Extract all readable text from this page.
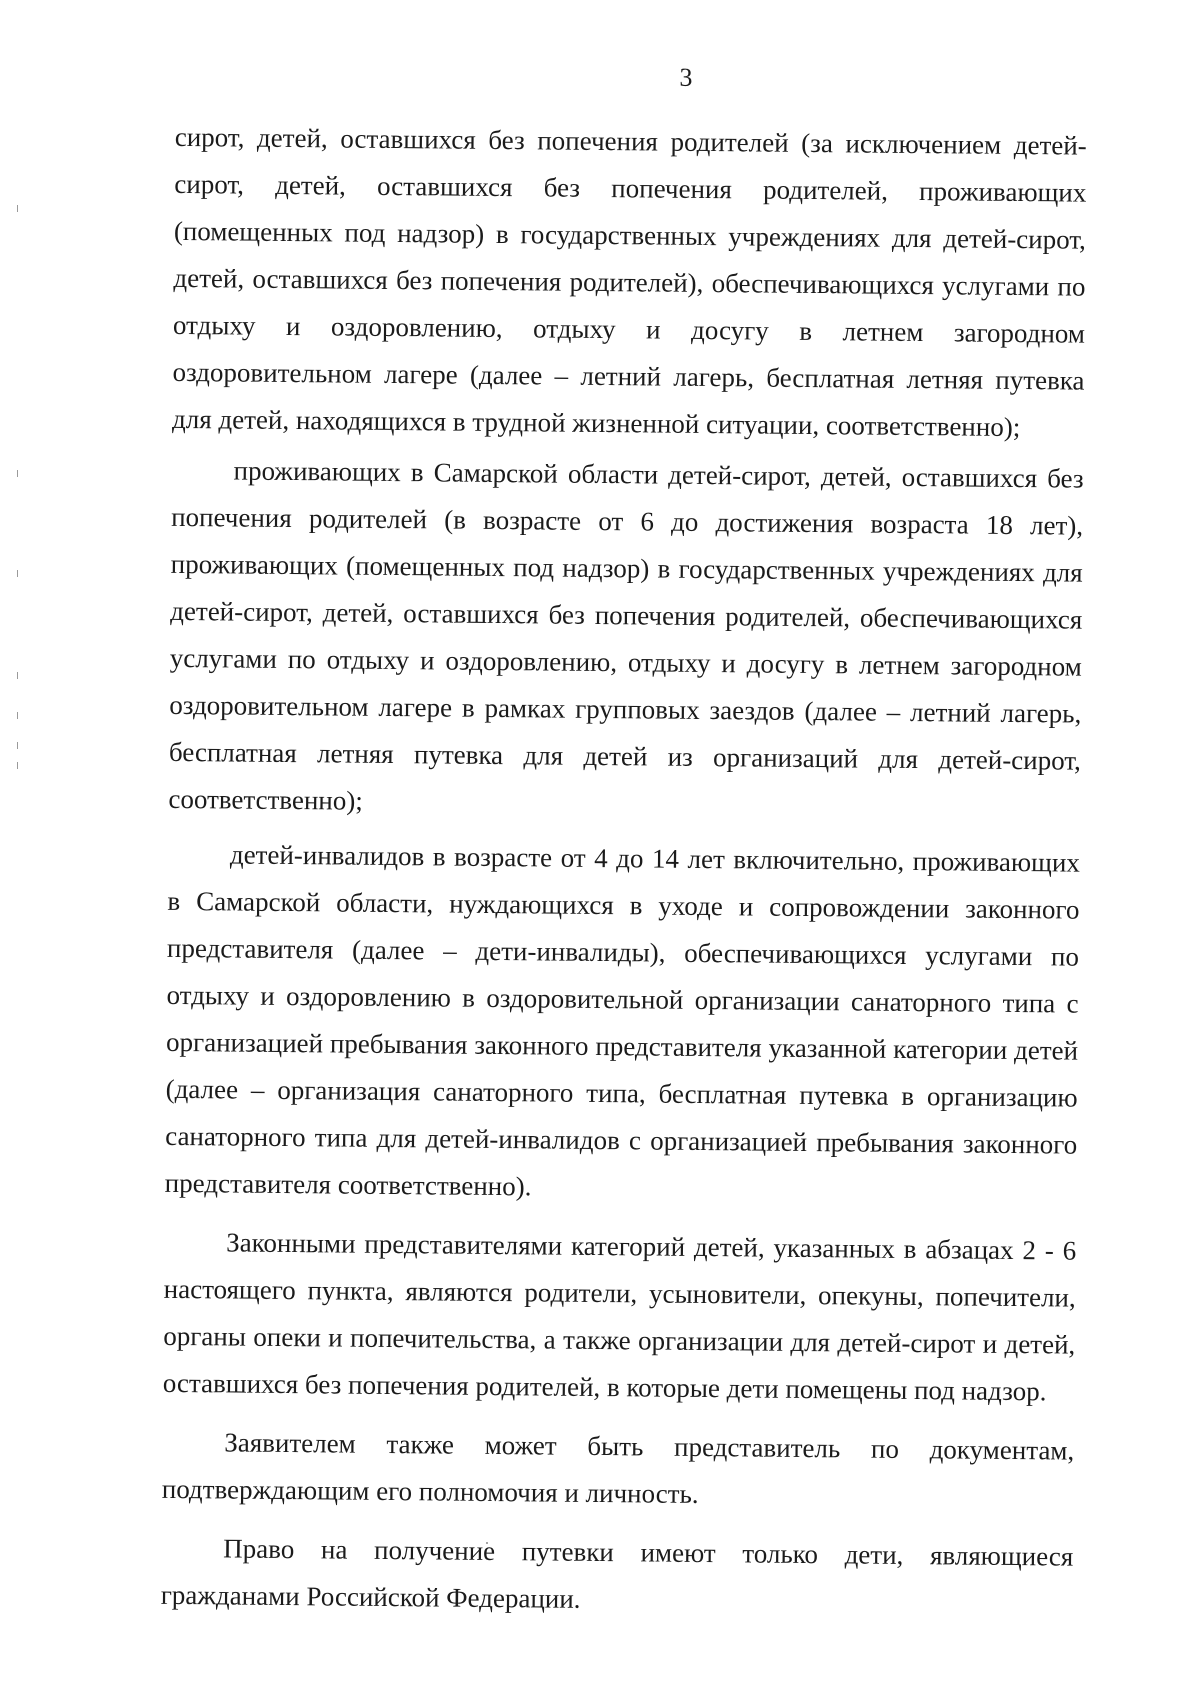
3

сирот, детей, оставшихся без попечения родителей (за исключением детей-сирот, детей, оставшихся без попечения родителей, проживающих (помещенных под надзор) в государственных учреждениях для детей-сирот, детей, оставшихся без попечения родителей), обеспечивающихся услугами по отдыху и оздоровлению, отдыху и досугу в летнем загородном оздоровительном лагере (далее – летний лагерь, бесплатная летняя путевка для детей, находящихся в трудной жизненной ситуации, соответственно);

проживающих в Самарской области детей-сирот, детей, оставшихся без попечения родителей (в возрасте от 6 до достижения возраста 18 лет), проживающих (помещенных под надзор) в государственных учреждениях для детей-сирот, детей, оставшихся без попечения родителей, обеспечивающихся услугами по отдыху и оздоровлению, отдыху и досугу в летнем загородном оздоровительном лагере в рамках групповых заездов (далее – летний лагерь, бесплатная летняя путевка для детей из организаций для детей-сирот, соответственно);

детей-инвалидов в возрасте от 4 до 14 лет включительно, проживающих в Самарской области, нуждающихся в уходе и сопровождении законного представителя (далее – дети-инвалиды), обеспечивающихся услугами по отдыху и оздоровлению в оздоровительной организации санаторного типа с организацией пребывания законного представителя указанной категории детей (далее – организация санаторного типа, бесплатная путевка в организацию санаторного типа для детей-инвалидов с организацией пребывания законного представителя соответственно).

Законными представителями категорий детей, указанных в абзацах 2 - 6 настоящего пункта, являются родители, усыновители, опекуны, попечители, органы опеки и попечительства, а также организации для детей-сирот и детей, оставшихся без попечения родителей, в которые дети помещены под надзор.

Заявителем также может быть представитель по документам, подтверждающим его полномочия и личность.

Право на получение путевки имеют только дети, являющиеся гражданами Российской Федерации.
